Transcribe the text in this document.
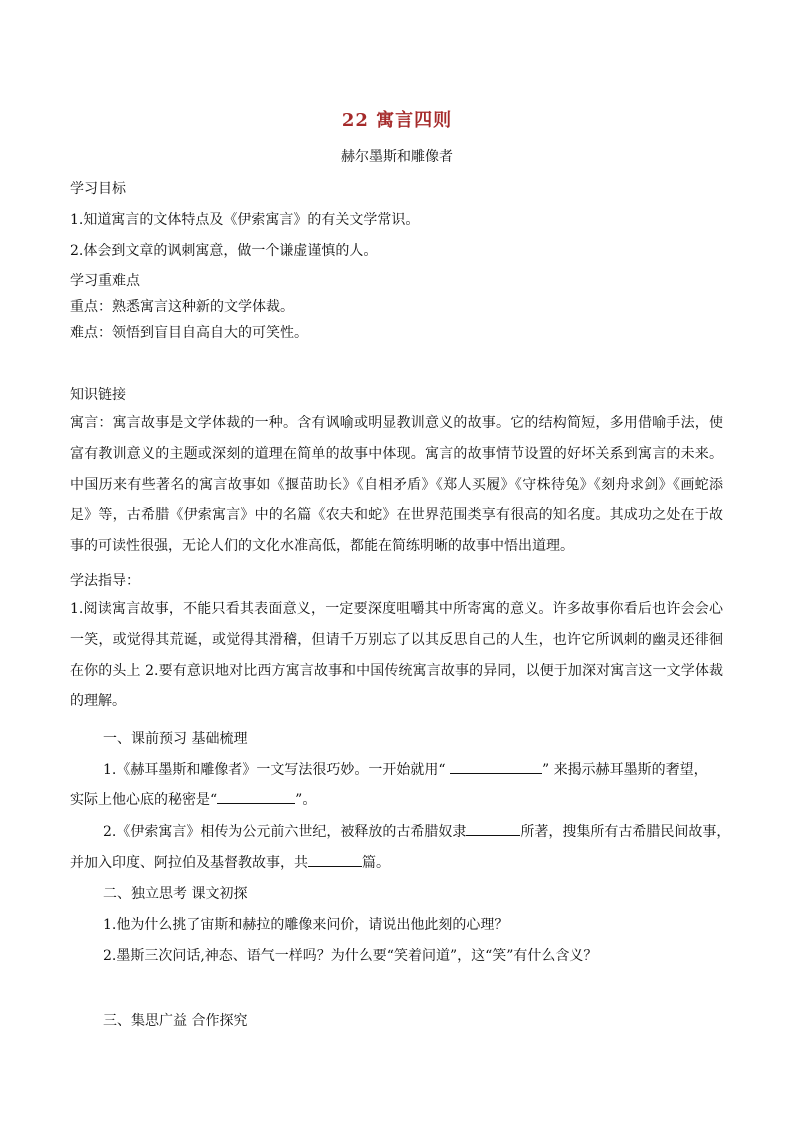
22 寓言四则
赫尔墨斯和雕像者
学习目标
1.知道寓言的文体特点及《伊索寓言》的有关文学常识。
2.体会到文章的讽刺寓意，做一个谦虚谨慎的人。
学习重难点
重点：熟悉寓言这种新的文学体裁。
难点：领悟到盲目自高自大的可笑性。
知识链接

寓言：寓言故事是文学体裁的一种。含有讽喻或明显教训意义的故事。它的结构简短，多用借喻手法，使富有教训意义的主题或深刻的道理在简单的故事中体现。寓言的故事情节设置的好坏关系到寓言的未来。中国历来有些著名的寓言故事如《揠苗助长》《自相矛盾》《郑人买履》《守株待兔》《刻舟求剑》《画蛇添足》等，古希腊《伊索寓言》中的名篇《农夫和蛇》在世界范围类享有很高的知名度。其成功之处在于故事的可读性很强，无论人们的文化水准高低，都能在简练明晰的故事中悟出道理。

学法指导：

1.阅读寓言故事，不能只看其表面意义，一定要深度咀嚼其中所寄寓的意义。许多故事你看后也许会会心一笑，或觉得其荒诞，或觉得其滑稽，但请千万别忘了以其反思自己的人生，也许它所讽刺的幽灵还徘徊在你的头上 2.要有意识地对比西方寓言故事和中国传统寓言故事的异同，以便于加深对寓言这一文学体裁的理解。

一、课前预习 基础梳理
1.《赫耳墨斯和雕像者》一文写法很巧妙。一开始就用“	” 来揭示赫耳墨斯的奢望，
实际上他心底的秘密是“	”。
2.《伊索寓言》相传为公元前六世纪，被释放的古希腊奴隶	所著，搜集所有古希腊民间故事，
并加入印度、阿拉伯及基督教故事，共	篇。
二、独立思考 课文初探
1.他为什么挑了宙斯和赫拉的雕像来问价，请说出他此刻的心理？
2.墨斯三次问话,神态、语气一样吗？为什么要“笑着问道”，这“笑”有什么含义？
三、集思广益 合作探究
